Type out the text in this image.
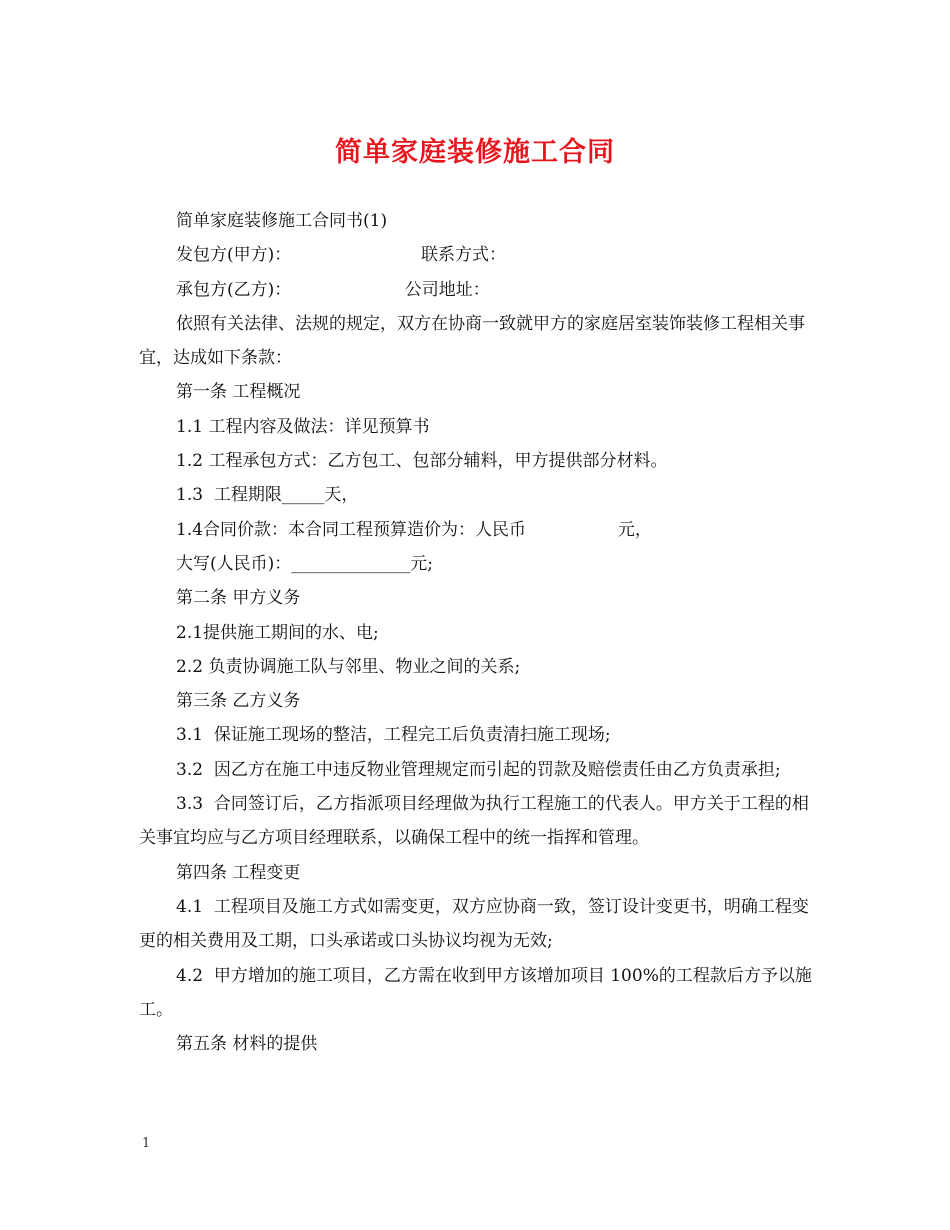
简单家庭装修施工合同

简单家庭装修施工合同书(1)

发包方(甲方)：                        联系方式：

承包方(乙方)：                     公司地址：

依照有关法律、法规的规定，双方在协商一致就甲方的家庭居室装饰装修工程相关事宜，达成如下条款：

第一条 工程概况

1.1 工程内容及做法：详见预算书

1.2 工程承包方式：乙方包工、包部分辅料，甲方提供部分材料。

1.3  工程期限_____天，

1.4合同价款：本合同工程预算造价为：人民币                 元，

大写(人民币)：______________元;

第二条 甲方义务

2.1提供施工期间的水、电;

2.2 负责协调施工队与邻里、物业之间的关系;

第三条 乙方义务

3.1  保证施工现场的整洁，工程完工后负责清扫施工现场;

3.2  因乙方在施工中违反物业管理规定而引起的罚款及赔偿责任由乙方负责承担;

3.3  合同签订后，乙方指派项目经理做为执行工程施工的代表人。甲方关于工程的相关事宜均应与乙方项目经理联系，以确保工程中的统一指挥和管理。

第四条 工程变更

4.1  工程项目及施工方式如需变更，双方应协商一致，签订设计变更书，明确工程变更的相关费用及工期，口头承诺或口头协议均视为无效;

4.2  甲方增加的施工项目，乙方需在收到甲方该增加项目 100%的工程款后方予以施工。

第五条 材料的提供

1
